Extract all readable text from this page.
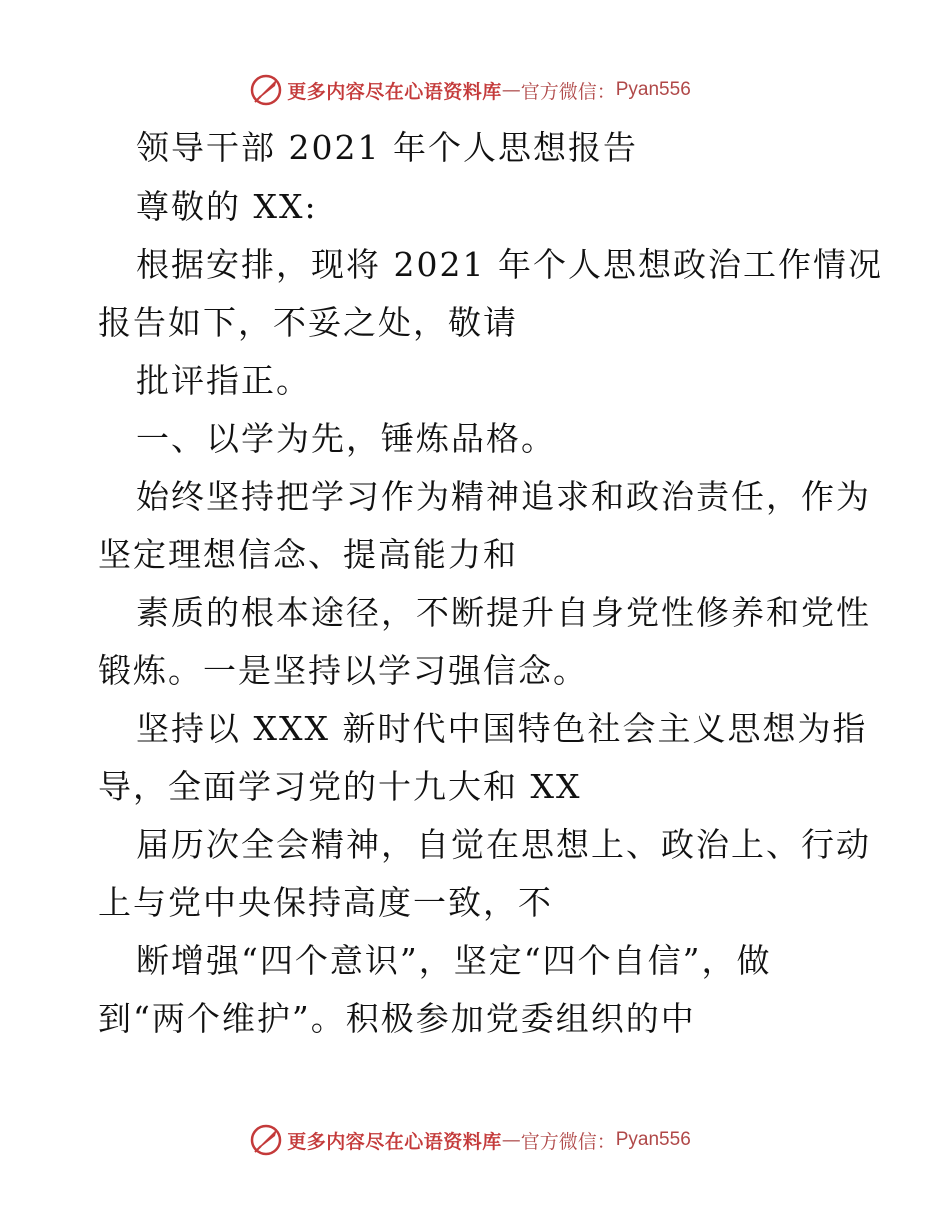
更多内容尽在心语资料库 — 官方微信： Pyan556
领导干部 2021 年个人思想报告
尊敬的 XX:
根据安排，现将 2021 年个人思想政治工作情况
报告如下，不妥之处，敬请
批评指正。
一、以学为先，锤炼品格。
始终坚持把学习作为精神追求和政治责任，作为
坚定理想信念、提高能力和
素质的根本途径，不断提升自身党性修养和党性
锻炼。一是坚持以学习强信念。
坚持以 XXX 新时代中国特色社会主义思想为指
导，全面学习党的十九大和 XX
届历次全会精神，自觉在思想上、政治上、行动
上与党中央保持高度一致，不
断增强“四个意识”，坚定“四个自信”，做
到“两个维护”。积极参加党委组织的中
更多内容尽在心语资料库 — 官方微信： Pyan556
